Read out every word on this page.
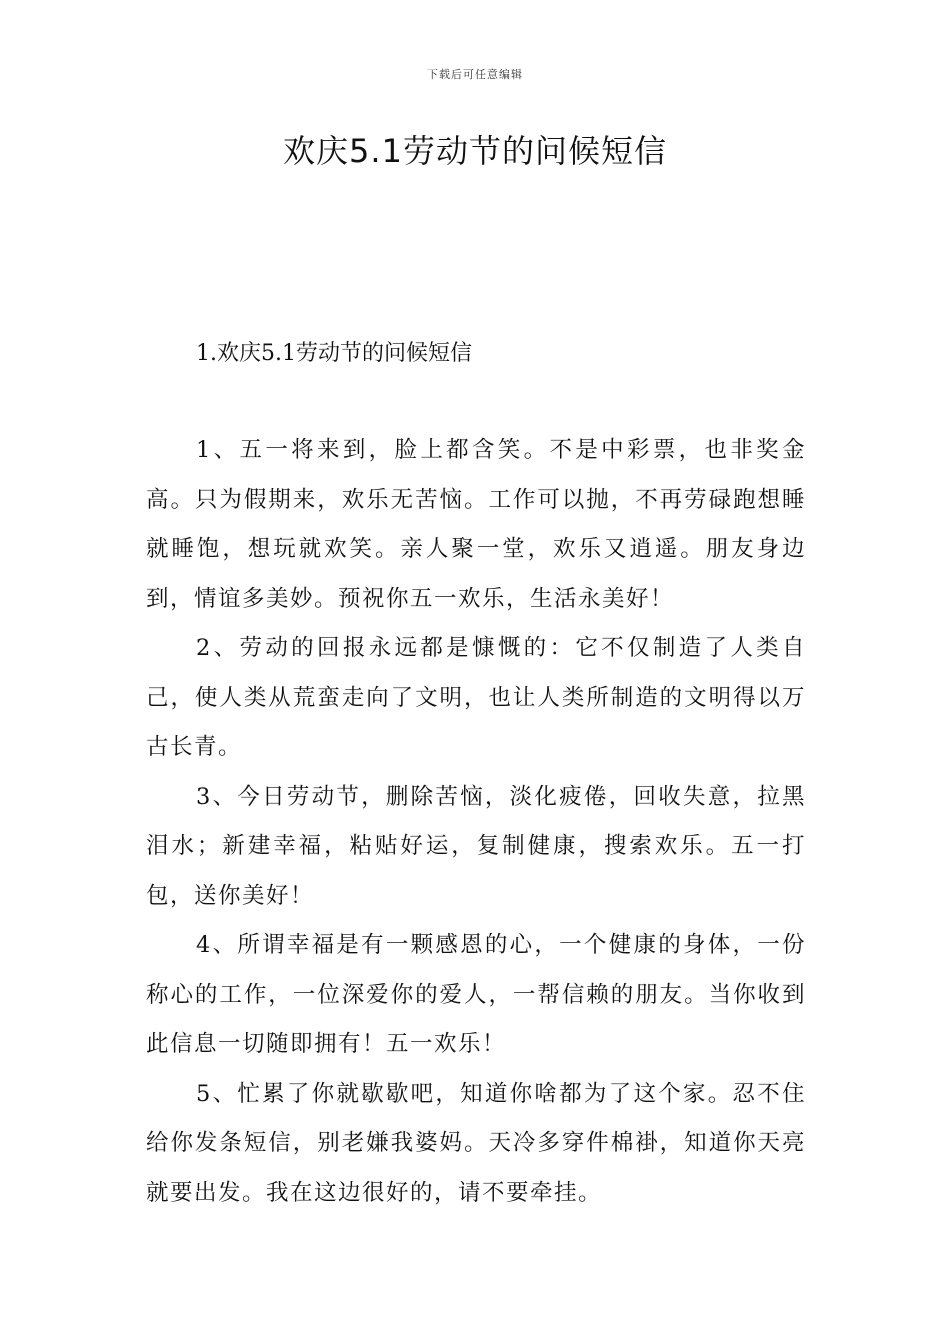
下载后可任意编辑
欢庆5.1劳动节的问候短信
1.欢庆5.1劳动节的问候短信

1、五一将来到，脸上都含笑。不是中彩票，也非奖金高。只为假期来，欢乐无苦恼。工作可以抛，不再劳碌跑想睡就睡饱，想玩就欢笑。亲人聚一堂，欢乐又逍遥。朋友身边到，情谊多美妙。预祝你五一欢乐，生活永美好！

2、劳动的回报永远都是慷慨的：它不仅制造了人类自己，使人类从荒蛮走向了文明，也让人类所制造的文明得以万古长青。

3、今日劳动节，删除苦恼，淡化疲倦，回收失意，拉黑泪水；新建幸福，粘贴好运，复制健康，搜索欢乐。五一打包，送你美好！

4、所谓幸福是有一颗感恩的心，一个健康的身体，一份称心的工作，一位深爱你的爱人，一帮信赖的朋友。当你收到此信息一切随即拥有！五一欢乐！

5、忙累了你就歇歇吧，知道你啥都为了这个家。忍不住给你发条短信，别老嫌我婆妈。天冷多穿件棉褂，知道你天亮就要出发。我在这边很好的，请不要牵挂。
